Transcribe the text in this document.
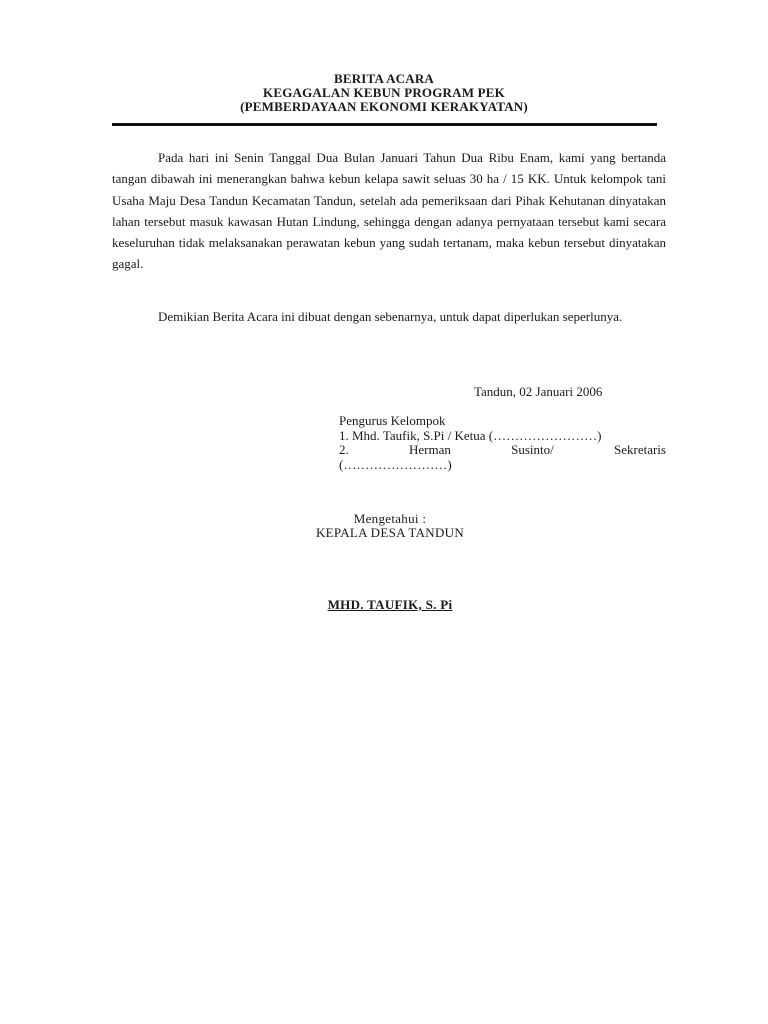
BERITA ACARA
KEGAGALAN KEBUN PROGRAM PEK
(PEMBERDAYAAN EKONOMI KERAKYATAN)

Pada hari ini Senin Tanggal Dua Bulan Januari Tahun Dua Ribu Enam, kami yang bertanda tangan dibawah ini menerangkan bahwa kebun kelapa sawit seluas 30 ha / 15 KK. Untuk kelompok tani Usaha Maju Desa Tandun Kecamatan Tandun, setelah ada pemeriksaan dari Pihak Kehutanan dinyatakan lahan tersebut masuk kawasan Hutan Lindung, sehingga dengan adanya pernyataan tersebut kami secara keseluruhan tidak melaksanakan perawatan kebun yang sudah tertanam, maka kebun tersebut dinyatakan gagal.

Demikian Berita Acara ini dibuat dengan sebenarnya, untuk dapat diperlukan seperlunya.

Tandun, 02 Januari 2006
Pengurus Kelompok
1. Mhd. Taufik, S.Pi / Ketua (……………………)
2.	Herman	Susinto/	Sekretaris
(……………………)
Mengetahui :
KEPALA DESA TANDUN
MHD. TAUFIK, S. Pi
